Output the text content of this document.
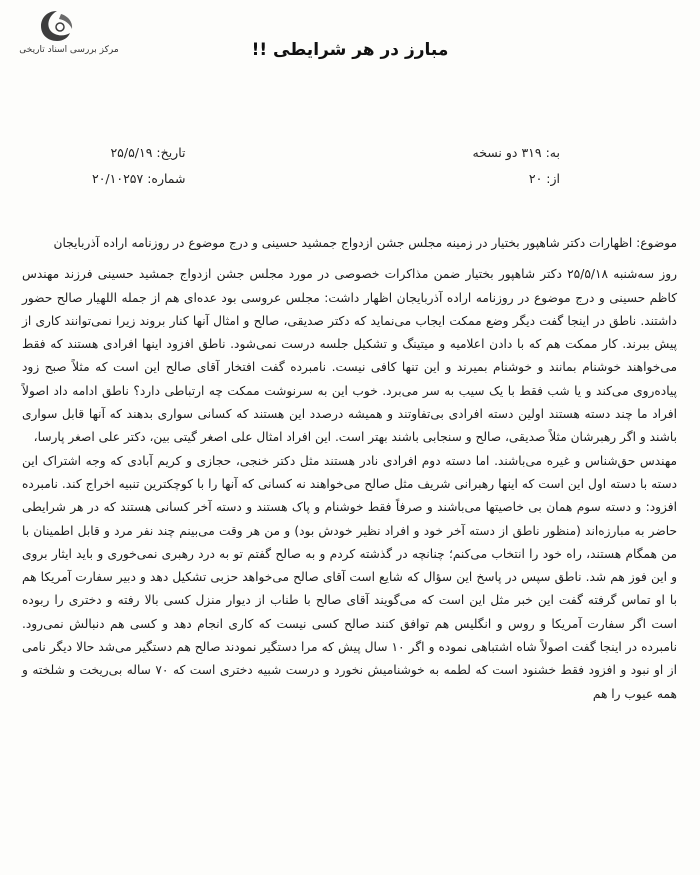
مرکز بررسی اسناد تاریخی	مبارز در هر شرایطی !!
به: ۳۱۹ دو نسخه
از: ۲۰
تاریخ: ۲۵/۵/۱۹
شماره: ۲۰/۱۰۲۵۷

موضوع: اظهارات دکتر شاهپور بختیار در زمینه مجلس جشن ازدواج جمشید حسینی و درج موضوع در روزنامه اراده آذربایجان

روز سه‌شنبه ۲۵/۵/۱۸ دکتر شاهپور بختیار ضمن مذاکرات خصوصی در مورد مجلس جشن ازدواج جمشید حسینی فرزند مهندس کاظم حسینی و درج موضوع در روزنامه اراده آذربایجان اظهار داشت: مجلس عروسی بود عده‌ای هم از جمله اللهیار صالح حضور داشتند. ناطق در اینجا گفت دیگر وضع ممکت ایجاب می‌نماید که دکتر صدیقی، صالح و امثال آنها کنار بروند زیرا نمی‌توانند کاری از پیش ببرند. کار ممکت هم که با دادن اعلامیه و میتینگ و تشکیل جلسه درست نمی‌شود. ناطق افزود اینها افرادی هستند که فقط می‌خواهند خوشنام بمانند و خوشنام بمیرند و این تنها کافی نیست. نامبرده گفت افتخار آقای صالح این است که مثلاً صبح زود پیاده‌روی می‌کند و یا شب فقط با یک سیب به سر می‌برد. خوب این به سرنوشت ممکت چه ارتباطی دارد؟ ناطق ادامه داد اصولاً افراد ما چند دسته هستند اولین دسته افرادی بی‌تفاوتند و همیشه درصدد این هستند که کسانی سواری بدهند که آنها قابل سواری باشند و اگر رهبرشان مثلاً صدیقی، صالح و سنجابی باشند بهتر است. این افراد امثال علی اصغر گیتی بین، دکتر علی اصغر پارسا،

مهندس حق‌شناس و غیره می‌باشند. اما دسته دوم افرادی نادر هستند مثل دکتر خنجی، حجازی و کریم آبادی که وجه اشتراک این دسته با دسته اول این است که اینها رهبرانی شریف مثل صالح می‌خواهند نه کسانی که آنها را با کوچکترین تنبیه اخراج کند. نامبرده افزود: و دسته سوم همان بی خاصیتها می‌باشند و صرفاً فقط خوشنام و پاک هستند و دسته آخر کسانی هستند که در هر شرایطی حاضر به مبارزه‌اند (منظور ناطق از دسته آخر خود و افراد نظیر خودش بود) و من هر وقت می‌بینم چند نفر مرد و قابل اطمینان با من همگام هستند، راه خود را انتخاب می‌کنم؛ چنانچه در گذشته کردم و به صالح گفتم تو به درد رهبری نمی‌خوری و باید ایثار بروی و این فوز هم شد. ناطق سپس در پاسخ این سؤال که شایع است آقای صالح می‌خواهد حزبی تشکیل دهد و دبیر سفارت آمریکا هم با او تماس گرفته گفت این خبر مثل این است که می‌گویند آقای صالح با طناب از دیوار منزل کسی بالا رفته و دختری را ربوده است اگر سفارت آمریکا و روس و انگلیس هم توافق کنند صالح کسی نیست که کاری انجام دهد و کسی هم دنبالش نمی‌رود. نامبرده در اینجا گفت اصولاً شاه اشتباهی نموده و اگر ۱۰ سال پیش که مرا دستگیر نمودند صالح هم دستگیر می‌شد حالا دیگر نامی از او نبود و افزود فقط خشنود است که لطمه به خوشنامیش نخورد و درست شبیه دختری است که ۷۰ ساله بی‌ریخت و شلخته و همه عیوب را هم
